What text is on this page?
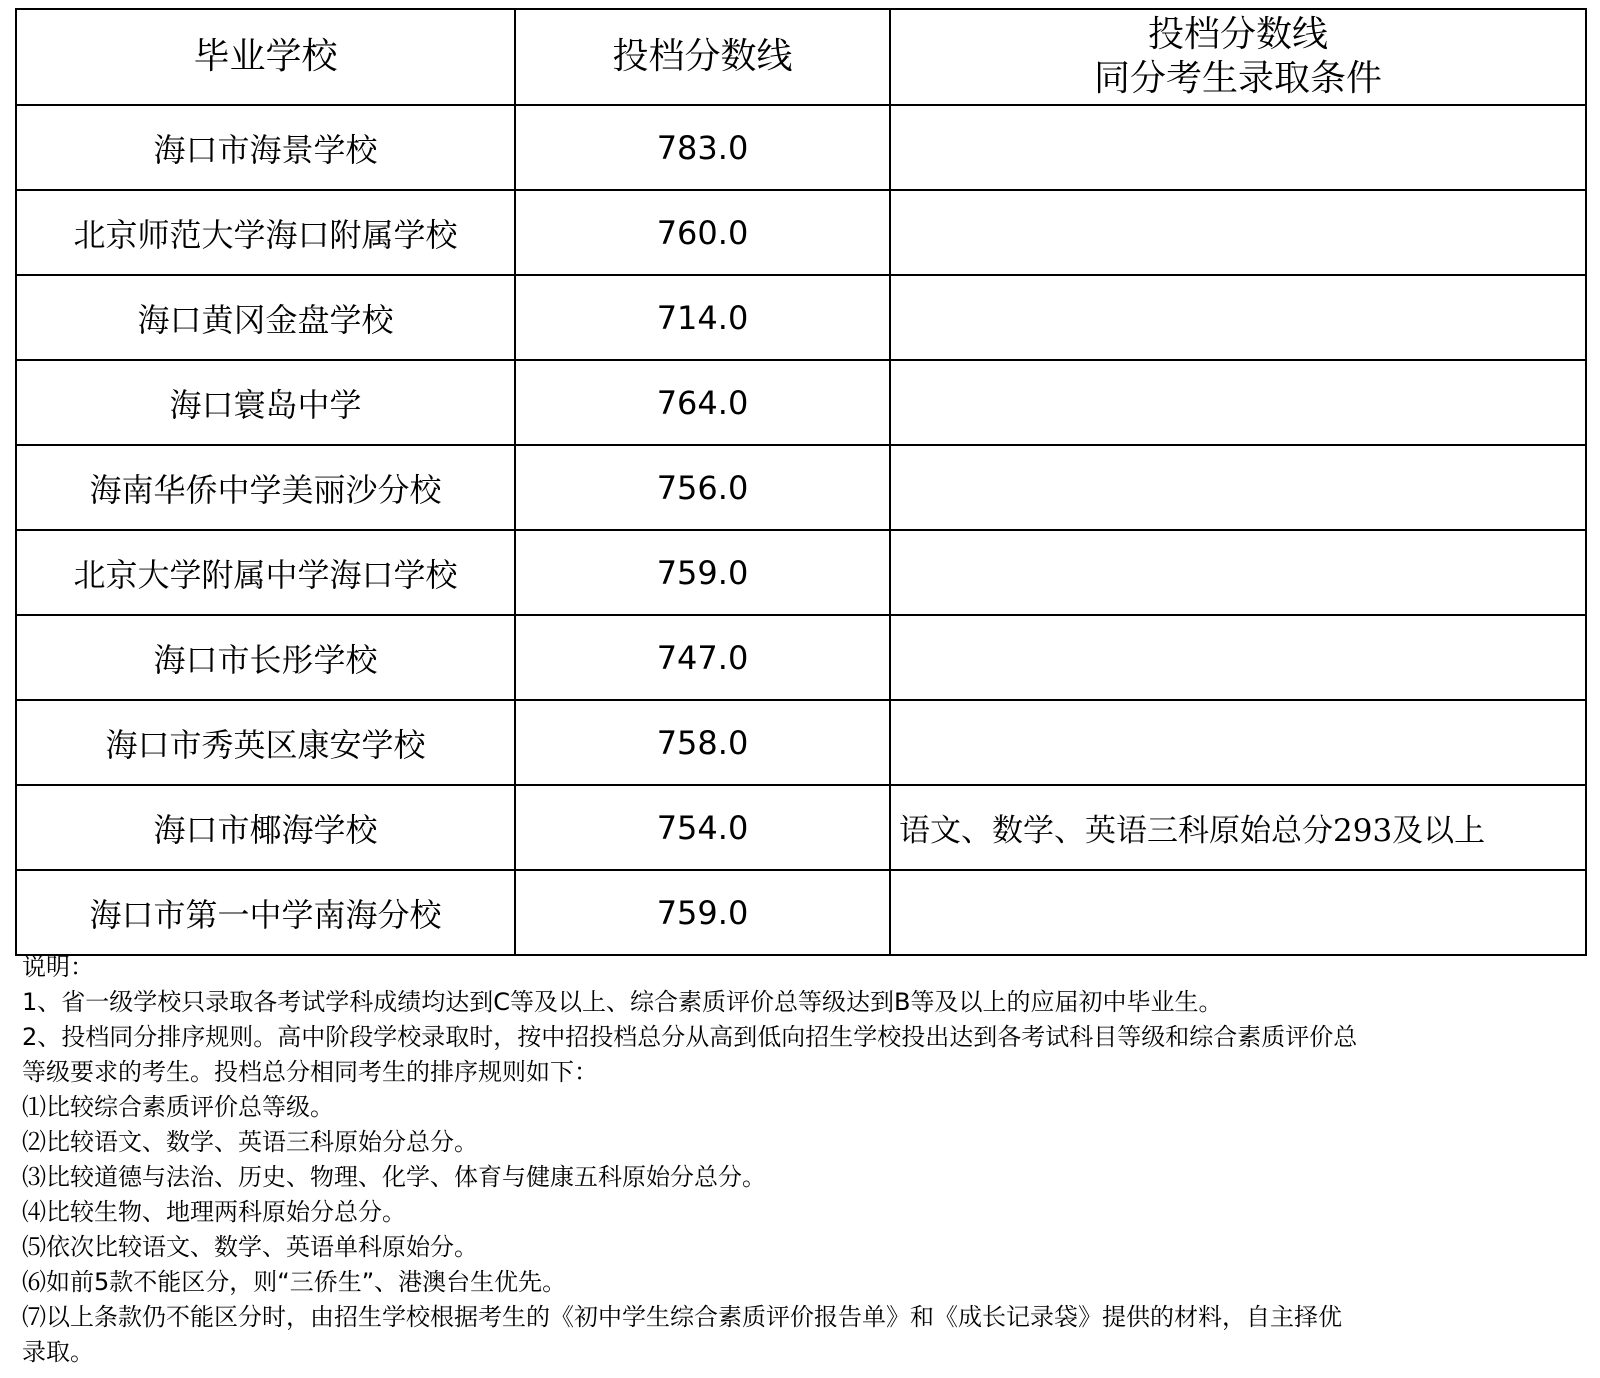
毕业学校	投档分数线	投档分数线
同分考生录取条件

海口市海景学校	783.0	
北京师范大学海口附属学校	760.0	
海口黄冈金盘学校	714.0	
海口寰岛中学	764.0	
海南华侨中学美丽沙分校	756.0	
北京大学附属中学海口学校	759.0	
海口市长彤学校	747.0	
海口市秀英区康安学校	758.0	
海口市椰海学校	754.0	语文、数学、英语三科原始总分293及以上
海口市第一中学南海分校	759.0	
说明：
1、省一级学校只录取各考试学科成绩均达到C等及以上、综合素质评价总等级达到B等及以上的应届初中毕业生。
2、投档同分排序规则。高中阶段学校录取时，按中招投档总分从高到低向招生学校投出达到各考试科目等级和综合素质评价总
等级要求的考生。投档总分相同考生的排序规则如下：
⑴比较综合素质评价总等级。
⑵比较语文、数学、英语三科原始分总分。
⑶比较道德与法治、历史、物理、化学、体育与健康五科原始分总分。
⑷比较生物、地理两科原始分总分。
⑸依次比较语文、数学、英语单科原始分。
⑹如前5款不能区分，则“三侨生”、港澳台生优先。
⑺以上条款仍不能区分时，由招生学校根据考生的《初中学生综合素质评价报告单》和《成长记录袋》提供的材料，自主择优
录取。
